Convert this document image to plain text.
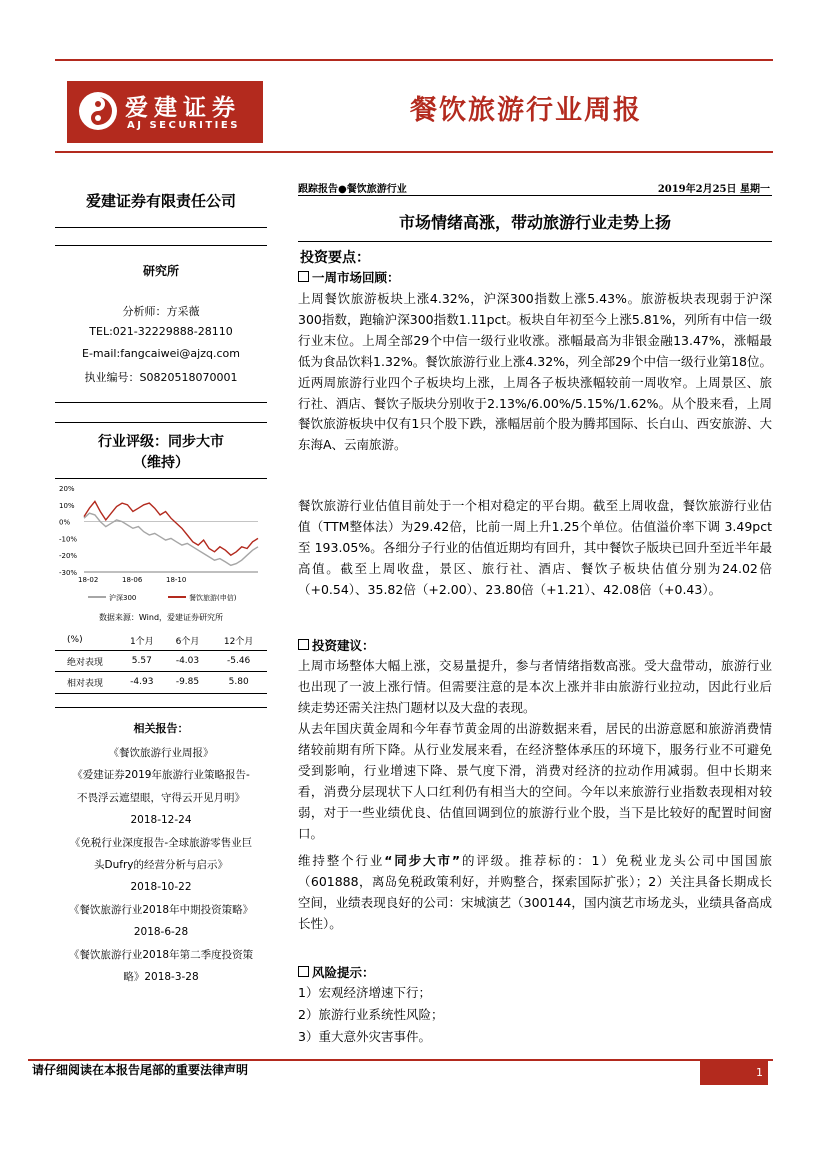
爱建证券
AJ SECURITIES	餐饮旅游行业周报
爱建证券有限责任公司
研究所
分析师：方采薇
TEL:021-32229888-28110
E-mail:fangcaiwei@ajzq.com
执业编号：S0820518070001
行业评级：同步大市
（维持）
20%
10%
0%
-10%
-20%
-30%
18-02	18-06	18-10
沪深300	餐饮旅游(申信)
数据来源：Wind，爱建证券研究所
(%)	1个月	6个月	12个月
绝对表现	5.57	-4.03	-5.46
相对表现	-4.93	-9.85	5.80
相关报告：
《餐饮旅游行业周报》
《爱建证券2019年旅游行业策略报告-
不畏浮云遮望眼，守得云开见月明》
2018-12-24
《免税行业深度报告-全球旅游零售业巨
头Dufry的经营分析与启示》
2018-10-22
《餐饮旅游行业2018年中期投资策略》
2018-6-28
《餐饮旅游行业2018年第二季度投资策
略》2018-3-28
跟踪报告●餐饮旅游行业	2019年2月25日 星期一
市场情绪高涨，带动旅游行业走势上扬
投资要点：
一周市场回顾：
上周餐饮旅游板块上涨4.32%，沪深300指数上涨5.43%。旅游板块表现弱于沪深300指数，跑输沪深300指数1.11pct。板块自年初至今上涨5.81%，列所有中信一级行业末位。上周全部29个中信一级行业收涨。涨幅最高为非银金融13.47%，涨幅最低为食品饮料1.32%。餐饮旅游行业上涨4.32%，列全部29个中信一级行业第18位。近两周旅游行业四个子板块均上涨，上周各子板块涨幅较前一周收窄。上周景区、旅行社、酒店、餐饮子版块分别收于2.13%/6.00%/5.15%/1.62%。从个股来看，上周餐饮旅游板块中仅有1只个股下跌，涨幅居前个股为腾邦国际、长白山、西安旅游、大东海A、云南旅游。
餐饮旅游行业估值目前处于一个相对稳定的平台期。截至上周收盘，餐饮旅游行业估值（TTM整体法）为29.42倍，比前一周上升1.25个单位。估值溢价率下调 3.49pct 至 193.05%。各细分子行业的估值近期均有回升，其中餐饮子版块已回升至近半年最高值。截至上周收盘，景区、旅行社、酒店、餐饮子板块估值分别为24.02倍（+0.54）、35.82倍（+2.00）、23.80倍（+1.21）、42.08倍（+0.43）。
投资建议：
上周市场整体大幅上涨，交易量提升，参与者情绪指数高涨。受大盘带动，旅游行业也出现了一波上涨行情。但需要注意的是本次上涨并非由旅游行业拉动，因此行业后续走势还需关注热门题材以及大盘的表现。
从去年国庆黄金周和今年春节黄金周的出游数据来看，居民的出游意愿和旅游消费情绪较前期有所下降。从行业发展来看，在经济整体承压的环境下，服务行业不可避免受到影响，行业增速下降、景气度下滑，消费对经济的拉动作用减弱。但中长期来看，消费分层现状下人口红利仍有相当大的空间。今年以来旅游行业指数表现相对较弱，对于一些业绩优良、估值回调到位的旅游行业个股，当下是比较好的配置时间窗口。
维持整个行业“同步大市”的评级。推荐标的：1）免税业龙头公司中国国旅（601888，离岛免税政策利好，并购整合，探索国际扩张）；2）关注具备长期成长空间，业绩表现良好的公司：宋城演艺（300144，国内演艺市场龙头，业绩具备高成长性）。
风险提示：
1）宏观经济增速下行；
2）旅游行业系统性风险；
3）重大意外灾害事件。
请仔细阅读在本报告尾部的重要法律声明	1
